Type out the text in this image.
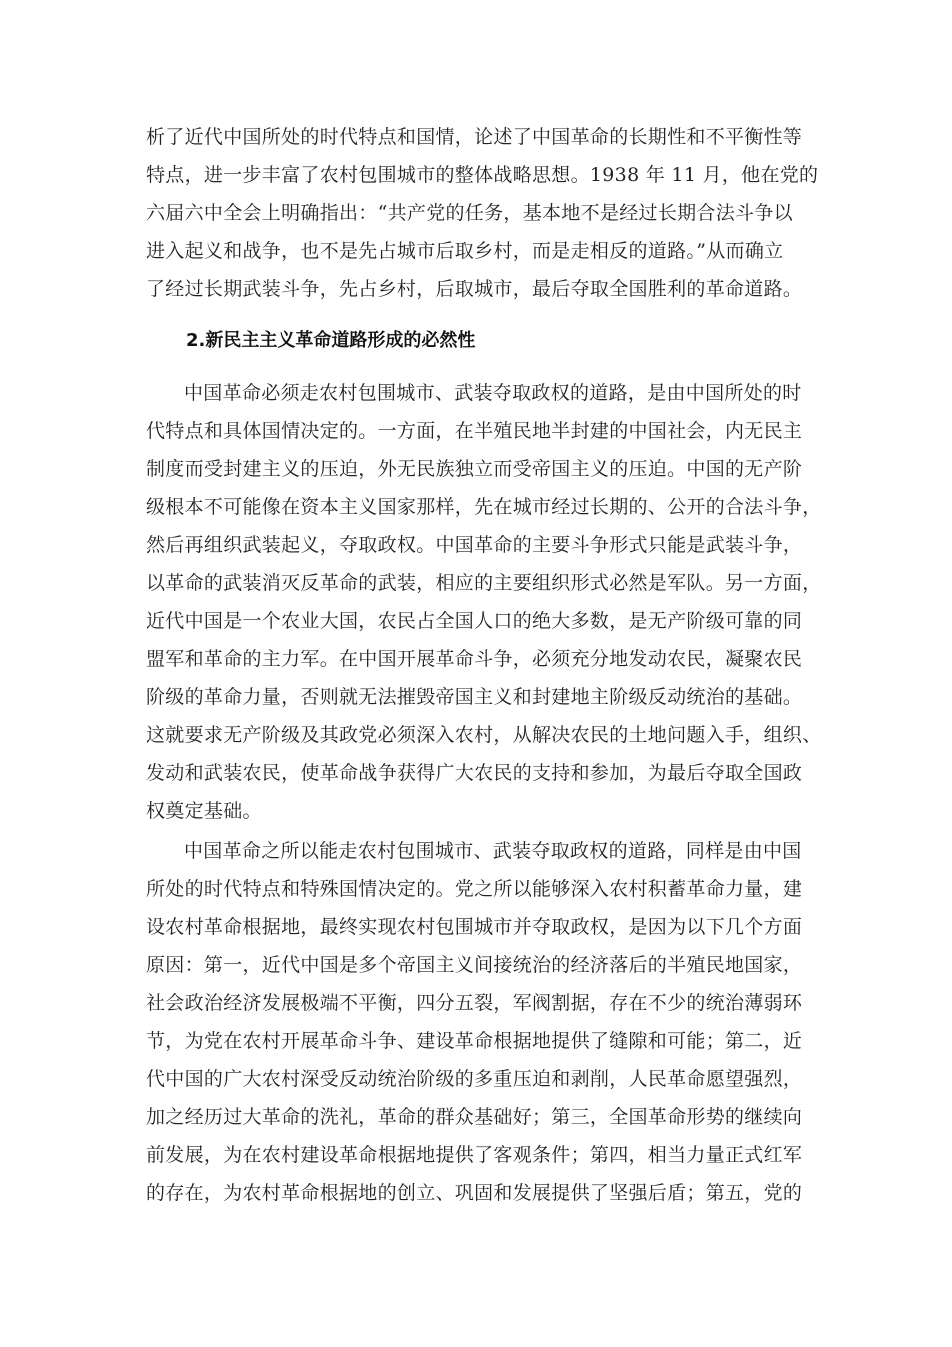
析了近代中国所处的时代特点和国情，论述了中国革命的长期性和不平衡性等
特点，进一步丰富了农村包围城市的整体战略思想。1938 年 11 月，他在党的
六届六中全会上明确指出：“共产党的任务，基本地不是经过长期合法斗争以
进入起义和战争，也不是先占城市后取乡村，而是走相反的道路。”从而确立
了经过长期武装斗争，先占乡村，后取城市，最后夺取全国胜利的革命道路。
2.新民主主义革命道路形成的必然性
中国革命必须走农村包围城市、武装夺取政权的道路，是由中国所处的时
代特点和具体国情决定的。一方面，在半殖民地半封建的中国社会，内无民主
制度而受封建主义的压迫，外无民族独立而受帝国主义的压迫。中国的无产阶
级根本不可能像在资本主义国家那样，先在城市经过长期的、公开的合法斗争，
然后再组织武装起义，夺取政权。中国革命的主要斗争形式只能是武装斗争，
以革命的武装消灭反革命的武装，相应的主要组织形式必然是军队。另一方面，
近代中国是一个农业大国，农民占全国人口的绝大多数，是无产阶级可靠的同
盟军和革命的主力军。在中国开展革命斗争，必须充分地发动农民，凝聚农民
阶级的革命力量，否则就无法摧毁帝国主义和封建地主阶级反动统治的基础。
这就要求无产阶级及其政党必须深入农村，从解决农民的土地问题入手，组织、
发动和武装农民，使革命战争获得广大农民的支持和参加，为最后夺取全国政
权奠定基础。
中国革命之所以能走农村包围城市、武装夺取政权的道路，同样是由中国
所处的时代特点和特殊国情决定的。党之所以能够深入农村积蓄革命力量，建
设农村革命根据地，最终实现农村包围城市并夺取政权，是因为以下几个方面
原因：第一，近代中国是多个帝国主义间接统治的经济落后的半殖民地国家，
社会政治经济发展极端不平衡，四分五裂，军阀割据，存在不少的统治薄弱环
节，为党在农村开展革命斗争、建设革命根据地提供了缝隙和可能；第二，近
代中国的广大农村深受反动统治阶级的多重压迫和剥削，人民革命愿望强烈，
加之经历过大革命的洗礼，革命的群众基础好；第三，全国革命形势的继续向
前发展，为在农村建设革命根据地提供了客观条件；第四，相当力量正式红军
的存在，为农村革命根据地的创立、巩固和发展提供了坚强后盾；第五，党的
